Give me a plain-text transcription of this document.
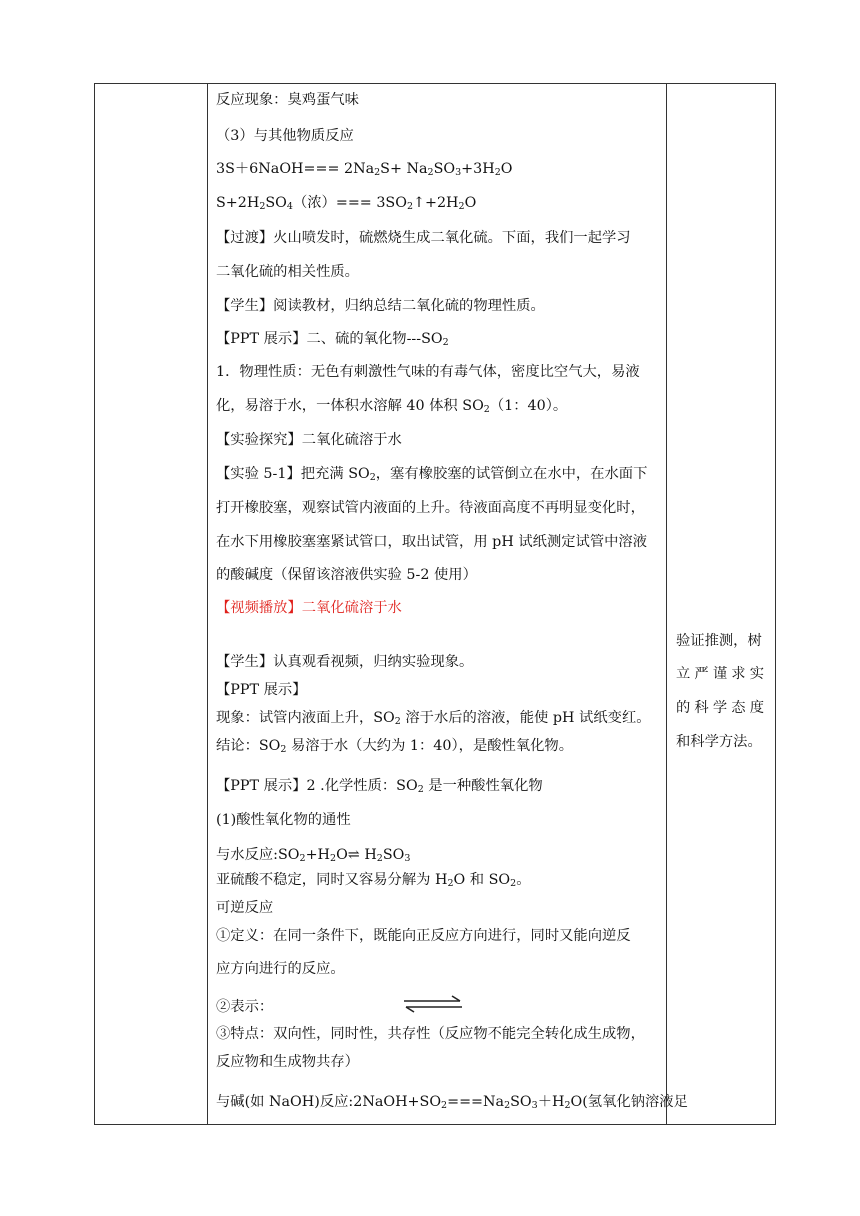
反应现象：臭鸡蛋气味
（3）与其他物质反应
3S＋6NaOH=== $2Na_2S+ Na_2SO_3+3H_2O$
$S+2H_2SO_4$（浓）=== $3SO_2↑+2H_2O$
【过渡】火山喷发时，硫燃烧生成二氧化硫。下面，我们一起学习
二氧化硫的相关性质。
【学生】阅读教材，归纳总结二氧化硫的物理性质。
【PPT 展示】二、硫的氧化物$---SO_2$
1．物理性质：无色有刺激性气味的有毒气体，密度比空气大，易液
化，易溶于水，一体积水溶解 40 体积 $SO_2(1$：40）。
【实验探究】二氧化硫溶于水
【实验 5-1】把充满 $SO_2$，塞有橡胶塞的试管倒立在水中，在水面下
打开橡胶塞，观察试管内液面的上升。待液面高度不再明显变化时，
在水下用橡胶塞塞紧试管口，取出试管，用 pH 试纸测定试管中溶液
的酸碱度（保留该溶液供实验 5-2 使用）
【视频播放】二氧化硫溶于水
【学生】认真观看视频，归纳实验现象。
【PPT 展示】
现象：试管内液面上升，$SO_2$ 溶于水后的溶液，能使 pH 试纸变红。
结论：$SO_2$ 易溶于水（大约为 1：40），是酸性氧化物。
【PPT 展示】2 .化学性质：$SO_2$ 是一种酸性氧化物
(1)酸性氧化物的通性
与水反应$:SO_2+H_2O\rightleftharpoons$ $H_2SO_3$
亚硫酸不稳定，同时又容易分解为 $H_2O$ 和 $SO_2$。
可逆反应
①定义：在同一条件下，既能向正反应方向进行，同时又能向逆反
应方向进行的反应。
②表示：
③特点：双向性，同时性，共存性（反应物不能完全转化成生成物，
反应物和生成物共存）
与碱(如 NaOH)反应$:2NaOH+SO_2===Na_2SO_3+H_2O$(氢氧化钠溶液足
验证推测，树
立严谨求实
的科学态度
和科学方法。
